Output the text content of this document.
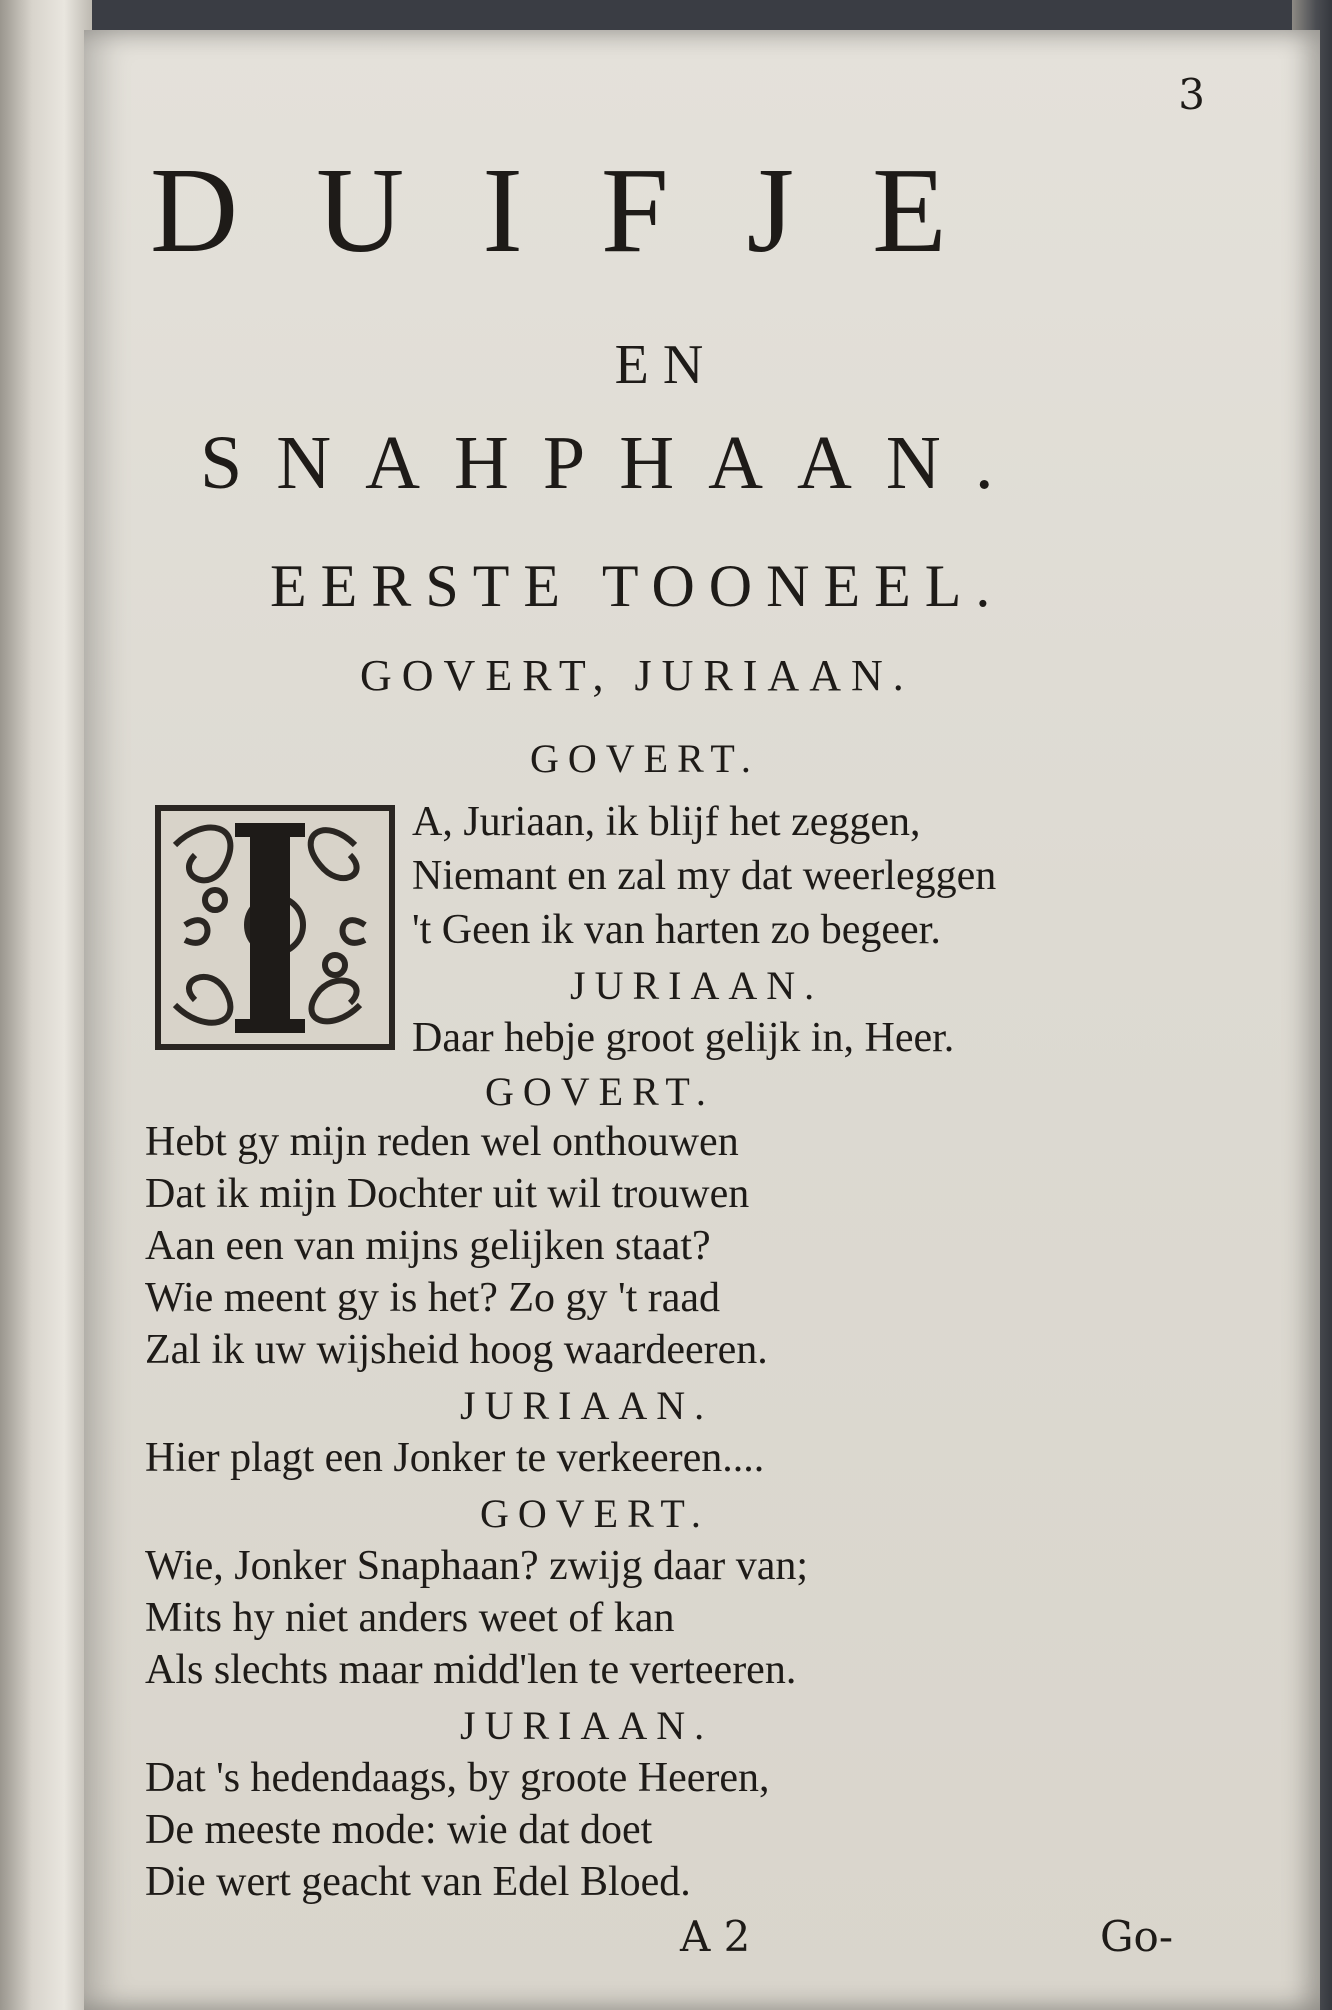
3
DUIFJE
EN
SNAHPHAAN.
EERSTE TOONEEL.
GOVERT, JURIAAN.
GOVERT.
A, Juriaan, ik blijf het zeggen,
Niemant en zal my dat weerleggen
't Geen ik van harten zo begeer.
JURIAAN.
Daar hebje groot gelijk in, Heer.
GOVERT.
Hebt gy mijn reden wel onthouwen
Dat ik mijn Dochter uit wil trouwen
Aan een van mijns gelijken staat?
Wie meent gy is het? Zo gy 't raad
Zal ik uw wijsheid hoog waardeeren.
JURIAAN.
Hier plagt een Jonker te verkeeren....
GOVERT.
Wie, Jonker Snaphaan? zwijg daar van;
Mits hy niet anders weet of kan
Als slechts maar midd'len te verteeren.
JURIAAN.
Dat 's hedendaags, by groote Heeren,
De meeste mode: wie dat doet
Die wert geacht van Edel Bloed.
A 2	Go-
